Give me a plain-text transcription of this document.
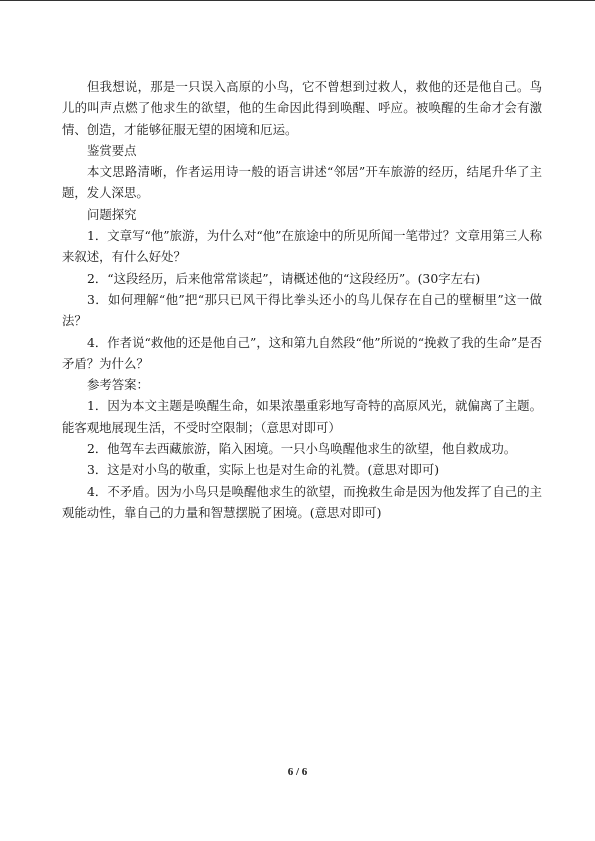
但我想说，那是一只误入高原的小鸟，它不曾想到过救人，救他的还是他自己。鸟儿的叫声点燃了他求生的欲望，他的生命因此得到唤醒、呼应。被唤醒的生命才会有激情、创造，才能够征服无望的困境和厄运。

鉴赏要点

本文思路清晰，作者运用诗一般的语言讲述“邻居”开车旅游的经历，结尾升华了主题，发人深思。

问题探究

1．文章写“他”旅游，为什么对“他”在旅途中的所见所闻一笔带过？文章用第三人称来叙述，有什么好处？

2．“这段经历，后来他常常谈起”，请概述他的“这段经历”。(30字左右)

3．如何理解“他”把“那只已风干得比拳头还小的鸟儿保存在自己的壁橱里”这一做法？

4．作者说“救他的还是他自己”，这和第九自然段“他”所说的“挽救了我的生命”是否矛盾？为什么？

参考答案：

1．因为本文主题是唤醒生命，如果浓墨重彩地写奇特的高原风光，就偏离了主题。能客观地展现生活，不受时空限制；（意思对即可）

2．他驾车去西藏旅游，陷入困境。一只小鸟唤醒他求生的欲望，他自救成功。

3．这是对小鸟的敬重，实际上也是对生命的礼赞。(意思对即可)

4．不矛盾。因为小鸟只是唤醒他求生的欲望，而挽救生命是因为他发挥了自己的主观能动性，靠自己的力量和智慧摆脱了困境。(意思对即可)

6 / 6
